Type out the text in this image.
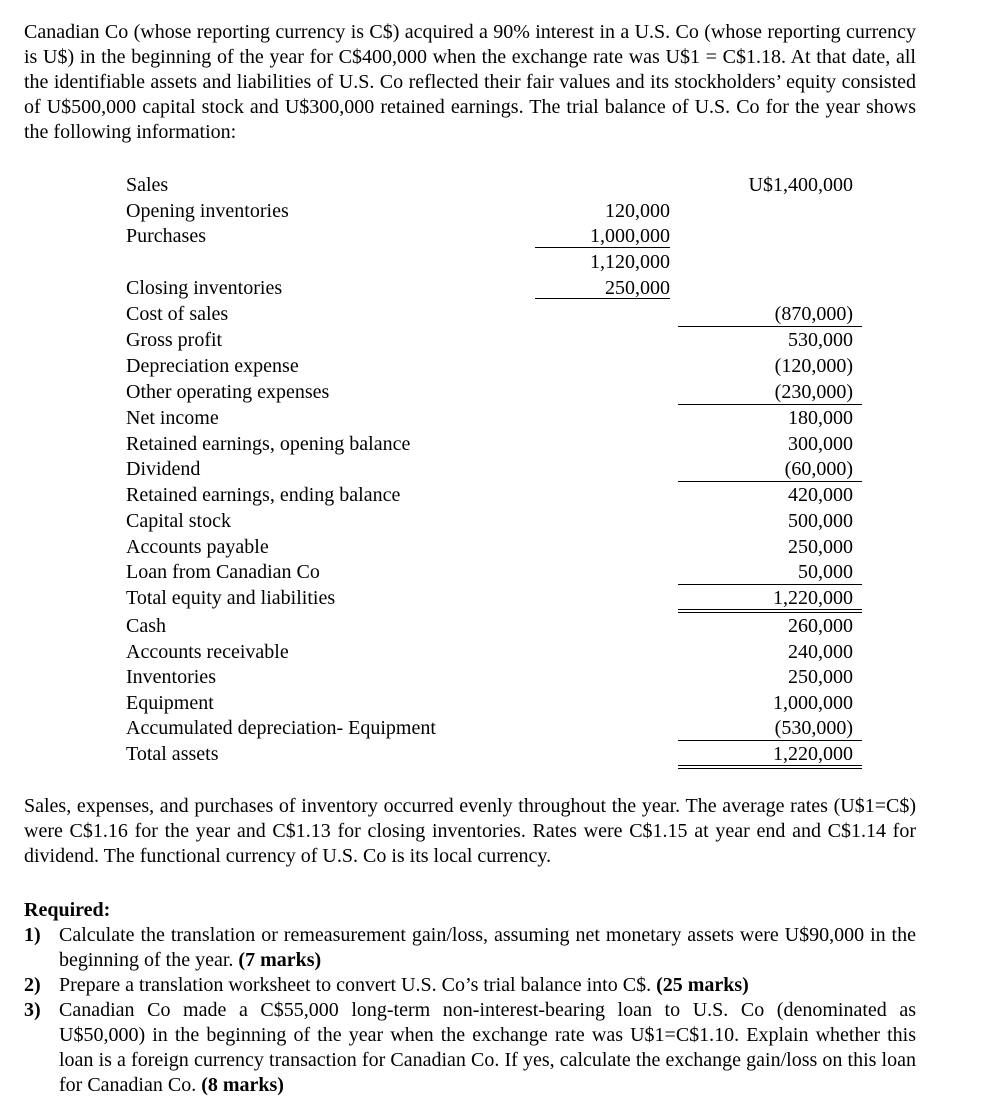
Canadian Co (whose reporting currency is C$) acquired a 90% interest in a U.S. Co (whose reporting currency is U$) in the beginning of the year for C$400,000 when the exchange rate was U$1 = C$1.18. At that date, all the identifiable assets and liabilities of U.S. Co reflected their fair values and its stockholders’ equity consisted of U$500,000 capital stock and U$300,000 retained earnings. The trial balance of U.S. Co for the year shows the following information:

Sales	U$1,400,000
Opening inventories	120,000
Purchases	1,000,000
1,120,000
Closing inventories	250,000
Cost of sales	(870,000)
Gross profit	530,000
Depreciation expense	(120,000)
Other operating expenses	(230,000)
Net income	180,000
Retained earnings, opening balance	300,000
Dividend	(60,000)
Retained earnings, ending balance	420,000
Capital stock	500,000
Accounts payable	250,000
Loan from Canadian Co	50,000
Total equity and liabilities	1,220,000
Cash	260,000
Accounts receivable	240,000
Inventories	250,000
Equipment	1,000,000
Accumulated depreciation- Equipment	(530,000)
Total assets	1,220,000

Sales, expenses, and purchases of inventory occurred evenly throughout the year. The average rates (U$1=C$) were C$1.16 for the year and C$1.13 for closing inventories. Rates were C$1.15 at year end and C$1.14 for dividend. The functional currency of U.S. Co is its local currency.

Required:
1) Calculate the translation or remeasurement gain/loss, assuming net monetary assets were U$90,000 in the beginning of the year. (7 marks)
2) Prepare a translation worksheet to convert U.S. Co’s trial balance into C$. (25 marks)
3) Canadian Co made a C$55,000 long-term non-interest-bearing loan to U.S. Co (denominated as U$50,000) in the beginning of the year when the exchange rate was U$1=C$1.10. Explain whether this loan is a foreign currency transaction for Canadian Co. If yes, calculate the exchange gain/loss on this loan for Canadian Co. (8 marks)
